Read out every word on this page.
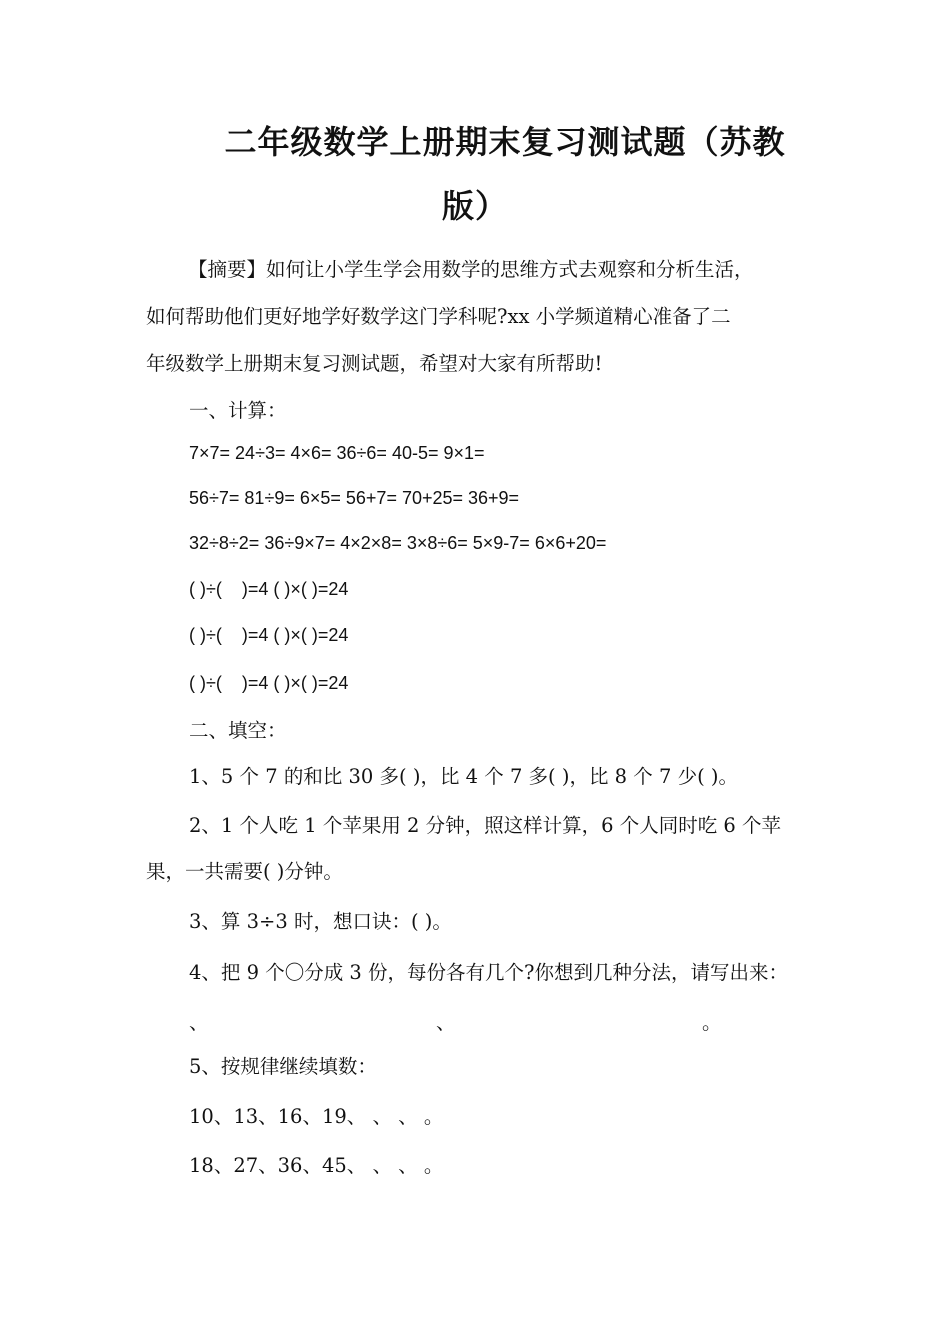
二年级数学上册期末复习测试题（苏教
版）
【摘要】如何让小学生学会用数学的思维方式去观察和分析生活，
如何帮助他们更好地学好数学这门学科呢?xx 小学频道精心准备了二
年级数学上册期末复习测试题，希望对大家有所帮助!
一、计算：
7×7= 24÷3= 4×6= 36÷6= 40-5= 9×1=
56÷7= 81÷9= 6×5= 56+7= 70+25= 36+9=
32÷8÷2= 36÷9×7= 4×2×8= 3×8÷6= 5×9-7= 6×6+20=
( )÷(    )=4 ( )×( )=24
( )÷(    )=4 ( )×( )=24
( )÷(    )=4 ( )×( )=24
二、填空：
1、5 个 7 的和比 30 多( )，比 4 个 7 多( )，比 8 个 7 少( )。
2、1 个人吃 1 个苹果用 2 分钟，照这样计算，6 个人同时吃 6 个苹
果，一共需要( )分钟。
3、算 3÷3 时，想口诀：( )。
4、把 9 个〇分成 3 份，每份各有几个?你想到几种分法，请写出来：
、	、	。
5、按规律继续填数：
10、13、16、19、 、 、 。
18、27、36、45、 、 、 。
